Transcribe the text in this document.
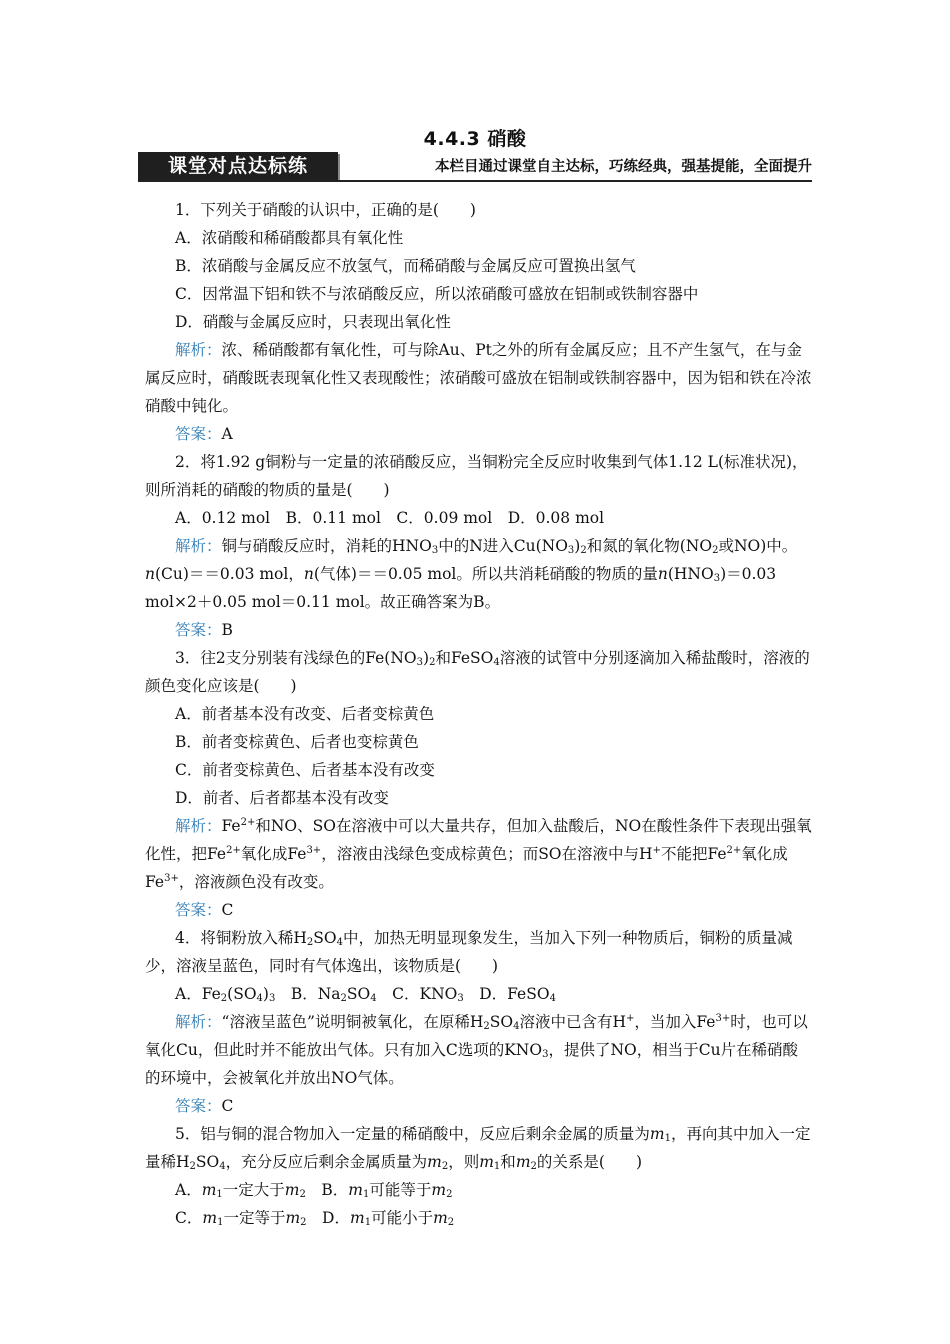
4.4.3 硝酸
课堂对点达标练	本栏目通过课堂自主达标，巧练经典，强基提能，全面提升
1．下列关于硝酸的认识中，正确的是(　　)
A．浓硝酸和稀硝酸都具有氧化性
B．浓硝酸与金属反应不放氢气，而稀硝酸与金属反应可置换出氢气
C．因常温下铝和铁不与浓硝酸反应，所以浓硝酸可盛放在铝制或铁制容器中
D．硝酸与金属反应时，只表现出氧化性
解析：浓、稀硝酸都有氧化性，可与除Au、Pt之外的所有金属反应；且不产生氢气，在与金属反应时，硝酸既表现氧化性又表现酸性；浓硝酸可盛放在铝制或铁制容器中，因为铝和铁在冷浓硝酸中钝化。
答案：A
2．将1.92 g铜粉与一定量的浓硝酸反应，当铜粉完全反应时收集到气体1.12 L(标准状况)，则所消耗的硝酸的物质的量是(　　)
A．0.12 mol　B．0.11 mol　C．0.09 mol　D．0.08 mol
解析：铜与硝酸反应时，消耗的$HNO_3$中的N进入$Cu(NO_3)_2$和氮的氧化物($NO_2$或NO)中。n(Cu)＝＝0.03 mol，n(气体)＝＝0.05 mol。所以共消耗硝酸的物质的量$n(HNO_3)=0.03$ mol×2＋0.05 mol＝0.11 mol。故正确答案为B。
答案：B
3．往2支分别装有浅绿色的$Fe(NO_3)_2$和FeSO$_4$溶液的试管中分别逐滴加入稀盐酸时，溶液的颜色变化应该是(　　)
A．前者基本没有改变、后者变棕黄色
B．前者变棕黄色、后者也变棕黄色
C．前者变棕黄色、后者基本没有改变
D．前者、后者都基本没有改变
解析：$Fe^{2+}$和NO、SO在溶液中可以大量共存，但加入盐酸后，NO在酸性条件下表现出强氧化性，把$Fe^{2+}$氧化成$Fe^{3+}$，溶液由浅绿色变成棕黄色；而SO在溶液中与H+不能把$Fe^{2+}$氧化成$Fe^{3+}$，溶液颜色没有改变。
答案：C
4．将铜粉放入稀$H_2SO_4$中，加热无明显现象发生，当加入下列一种物质后，铜粉的质量减少，溶液呈蓝色，同时有气体逸出，该物质是(　　)
A．$Fe_2(SO_4)_3$　B．$Na_2SO_4$　C．$KNO_3$　D．FeSO$_4$
解析：“溶液呈蓝色”说明铜被氧化，在原稀$H_2SO_4$溶液中已含有H+，当加入$Fe^{3+}$时，也可以氧化Cu，但此时并不能放出气体。只有加入C选项的$KNO_3$，提供了NO，相当于Cu片在稀硝酸的环境中，会被氧化并放出NO气体。
答案：C
5．铝与铜的混合物加入一定量的稀硝酸中，反应后剩余金属的质量为$m_1$，再向其中加入一定量稀$H_2SO_4$，充分反应后剩余金属质量为$m_2$，则$m_1$和$m_2$的关系是(　　)
A．$m_1$一定大于$m_2$　B．$m_1$可能等于$m_2$
C．$m_1$一定等于$m_2$　D．$m_1$可能小于$m_2$
